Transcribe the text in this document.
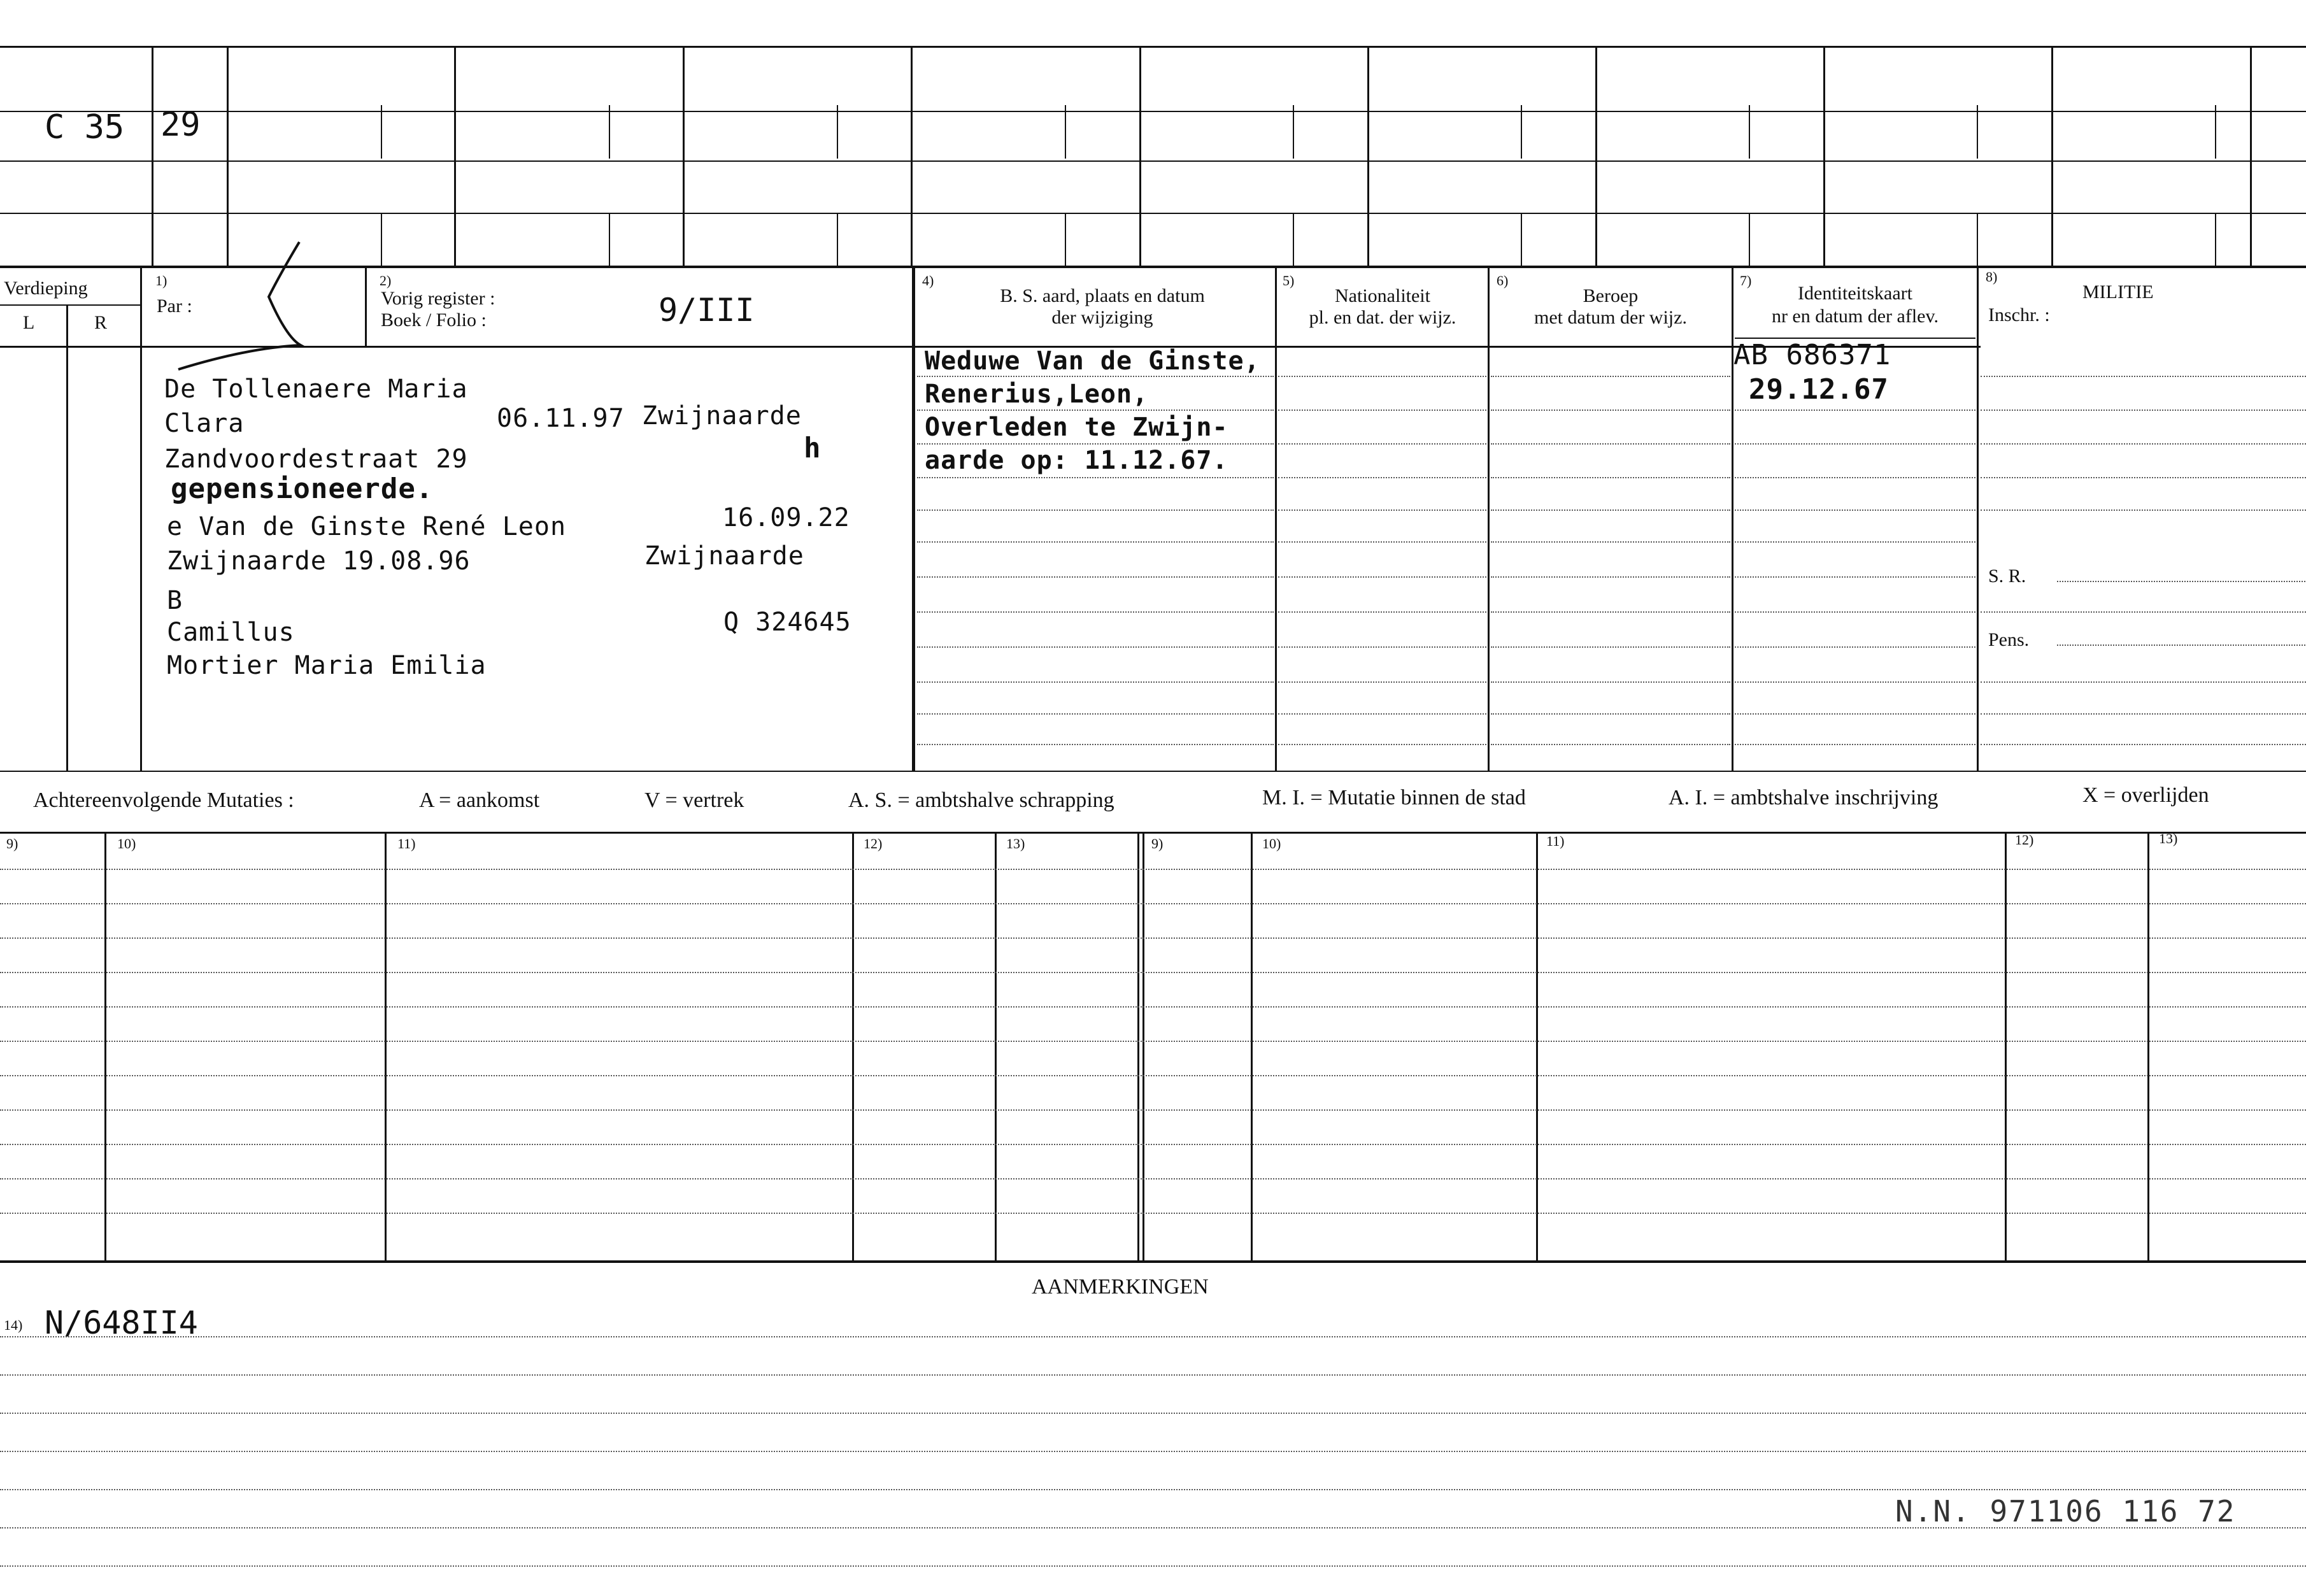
C 35 29
Verdieping
L	R
1)
Par :
2)
Vorig register :
Boek / Folio :	9/III
4)
B. S. aard, plaats en datum
der wijziging
5)
Nationaliteit
pl. en dat. der wijz.
6)
Beroep
met datum der wijz.
7)
Identiteitskaart
nr en datum der aflev.
8)
MILITIE
Inschr. :
De Tollenaere Maria
Clara	06.11.97 Zwijnaarde
Zandvoordestraat 29	h
gepensioneerde.
e Van de Ginste René Leon	16.09.22
Zwijnaarde 19.08.96	Zwijnaarde
B
Camillus	Q 324645
Mortier Maria Emilia
Weduwe Van de Ginste,
Renerius,Leon,
Overleden te Zwijn-
aarde op: 11.12.67.
AB 686371
29.12.67
S. R.
Pens.
Achtereenvolgende Mutaties :	A = aankomst	V = vertrek	A. S. = ambtshalve schrapping	M. I. = Mutatie binnen de stad	A. I. = ambtshalve inschrijving	X = overlijden
9)	10)	11)	12)	13)	9)	10)	11)	12)	13)
AANMERKINGEN
14) N/648II4
N.N. 971106 116 72
